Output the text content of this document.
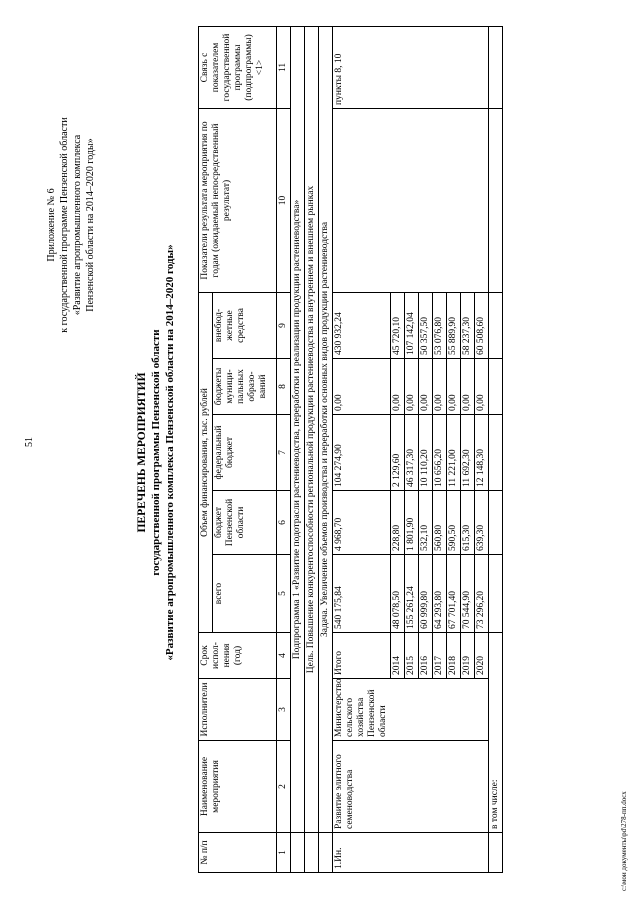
51
Приложение № 6 к государственной программе Пензенской области «Развитие агропромышленного комплекса Пензенской области на 2014–2020 годы»
ПЕРЕЧЕНЬ МЕРОПРИЯТИЙ государственной программы Пензенской области «Развитие агропромышленного комплекса Пензенской области на 2014–2020 годы»
№ п/п	Наименование мероприятия	Исполнители	Срок испол-нения (год)	Объем финансирования, тыс. рублей					Показатели результата мероприятия по годам (ожидаемый непосредственный результат)	Связь с показателем государственной программы (подпрограммы) <1>
				всего	бюджет Пензенской области	федеральный бюджет	бюджеты муници-пальных образо-ваний	внебюд-жетные средства		
1	2	3	4	5	6	7	8	9	10	11
	Подпрограмма 1 «Развитие подотрасли растениеводства, переработки и реализации продукции растениеводства»									
	Цель. Повышение конкурентоспособности региональной продукции растениеводства на внутреннем и внешнем рынках									
	Задача. Увеличение объемов производства и переработки основных видов продукции растениеводства									
1.Ин.	Развитие элитного семеноводства	Министерство сельского хозяйства Пензенской области	Итого	540 175,84	4 968,70	104 274,90	0,00	430 932,24		пункты 8, 10
			2014	48 078,50	228,80	2 129,60	0,00	45 720,10		
			2015	155 261,24	1 801,90	46 317,30	0,00	107 142,04		
			2016	60 999,80	532,10	10 110,20	0,00	50 357,50		
			2017	64 293,80	560,80	10 656,20	0,00	53 076,80		
			2018	67 701,40	590,50	11 221,00	0,00	55 889,90		
			2019	70 544,90	615,30	11 692,30	0,00	58 237,30		
			2020	73 296,20	639,30	12 148,30	0,00	60 508,60		
	в том числе:										c:\мои документы\pd\278-пп.docx
